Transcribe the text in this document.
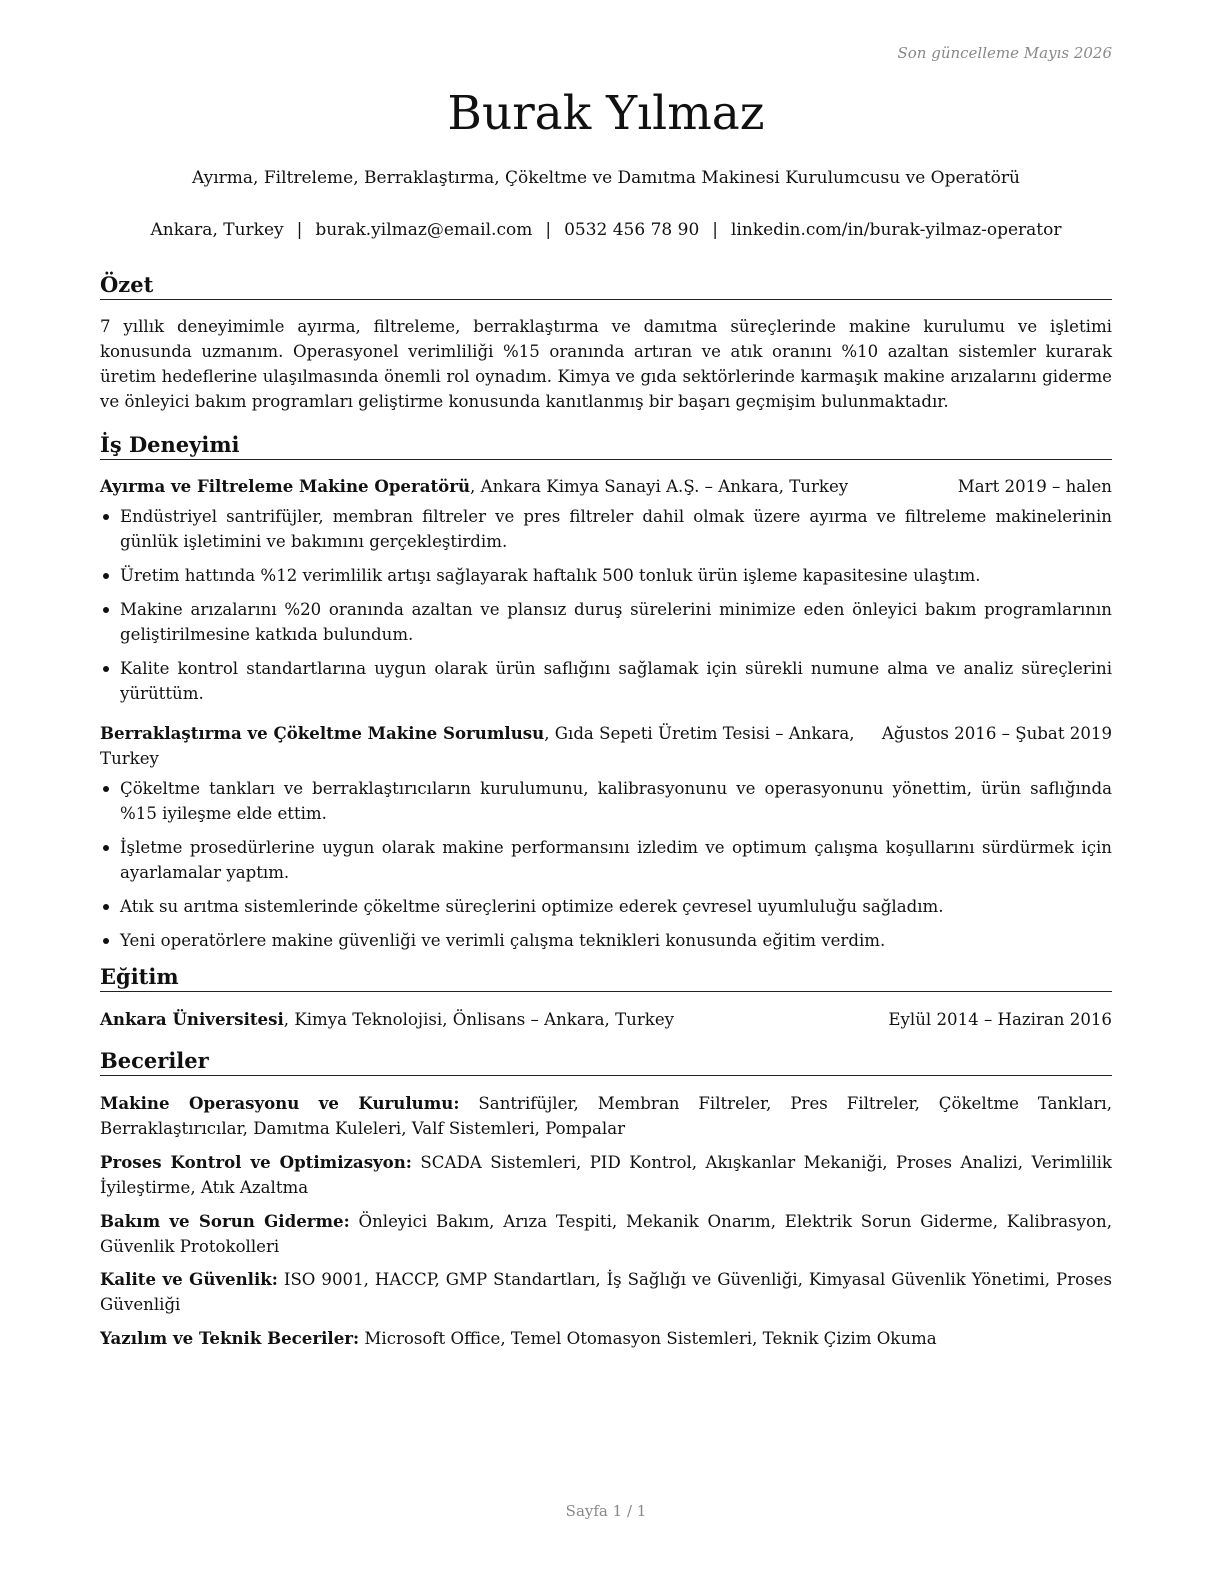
Son güncelleme Mayıs 2026
Burak Yılmaz
Ayırma, Filtreleme, Berraklaştırma, Çökeltme ve Damıtma Makinesi Kurulumcusu ve Operatörü
Ankara, Turkey | burak.yilmaz@email.com | 0532 456 78 90 | linkedin.com/in/burak-yilmaz-operator
Özet

7 yıllık deneyimimle ayırma, filtreleme, berraklaştırma ve damıtma süreçlerinde makine kurulumu ve işletimi konusunda uzmanım. Operasyonel verimliliği %15 oranında artıran ve atık oranını %10 azaltan sistemler kurarak üretim hedeflerine ulaşılmasında önemli rol oynadım. Kimya ve gıda sektörlerinde karmaşık makine arızalarını giderme ve önleyici bakım programları geliştirme konusunda kanıtlanmış bir başarı geçmişim bulunmaktadır.

İş Deneyimi
Ayırma ve Filtreleme Makine Operatörü, Ankara Kimya Sanayi A.Ş. – Ankara, Turkey	Mart 2019 – halen
Endüstriyel santrifüjler, membran filtreler ve pres filtreler dahil olmak üzere ayırma ve filtreleme makinelerinin günlük işletimini ve bakımını gerçekleştirdim.
Üretim hattında %12 verimlilik artışı sağlayarak haftalık 500 tonluk ürün işleme kapasitesine ulaştım.
Makine arızalarını %20 oranında azaltan ve plansız duruş sürelerini minimize eden önleyici bakım programlarının geliştirilmesine katkıda bulundum.
Kalite kontrol standartlarına uygun olarak ürün saflığını sağlamak için sürekli numune alma ve analiz süreçlerini yürüttüm.
Berraklaştırma ve Çökeltme Makine Sorumlusu, Gıda Sepeti Üretim Tesisi – Ankara, Turkey
Ağustos 2016 – Şubat 2019
Çökeltme tankları ve berraklaştırıcıların kurulumunu, kalibrasyonunu ve operasyonunu yönettim, ürün saflığında %15 iyileşme elde ettim.
İşletme prosedürlerine uygun olarak makine performansını izledim ve optimum çalışma koşullarını sürdürmek için ayarlamalar yaptım.
Atık su arıtma sistemlerinde çökeltme süreçlerini optimize ederek çevresel uyumluluğu sağladım.
Yeni operatörlere makine güvenliği ve verimli çalışma teknikleri konusunda eğitim verdim.
Eğitim
Ankara Üniversitesi, Kimya Teknolojisi, Önlisans – Ankara, Turkey	Eylül 2014 – Haziran 2016
Beceriler
Makine Operasyonu ve Kurulumu: Santrifüjler, Membran Filtreler, Pres Filtreler, Çökeltme Tankları, Berraklaştırıcılar, Damıtma Kuleleri, Valf Sistemleri, Pompalar
Proses Kontrol ve Optimizasyon: SCADA Sistemleri, PID Kontrol, Akışkanlar Mekaniği, Proses Analizi, Verimlilik İyileştirme, Atık Azaltma
Bakım ve Sorun Giderme: Önleyici Bakım, Arıza Tespiti, Mekanik Onarım, Elektrik Sorun Giderme, Kalibrasyon, Güvenlik Protokolleri
Kalite ve Güvenlik: ISO 9001, HACCP, GMP Standartları, İş Sağlığı ve Güvenliği, Kimyasal Güvenlik Yönetimi, Proses Güvenliği
Yazılım ve Teknik Beceriler: Microsoft Office, Temel Otomasyon Sistemleri, Teknik Çizim Okuma
Sayfa 1 / 1
